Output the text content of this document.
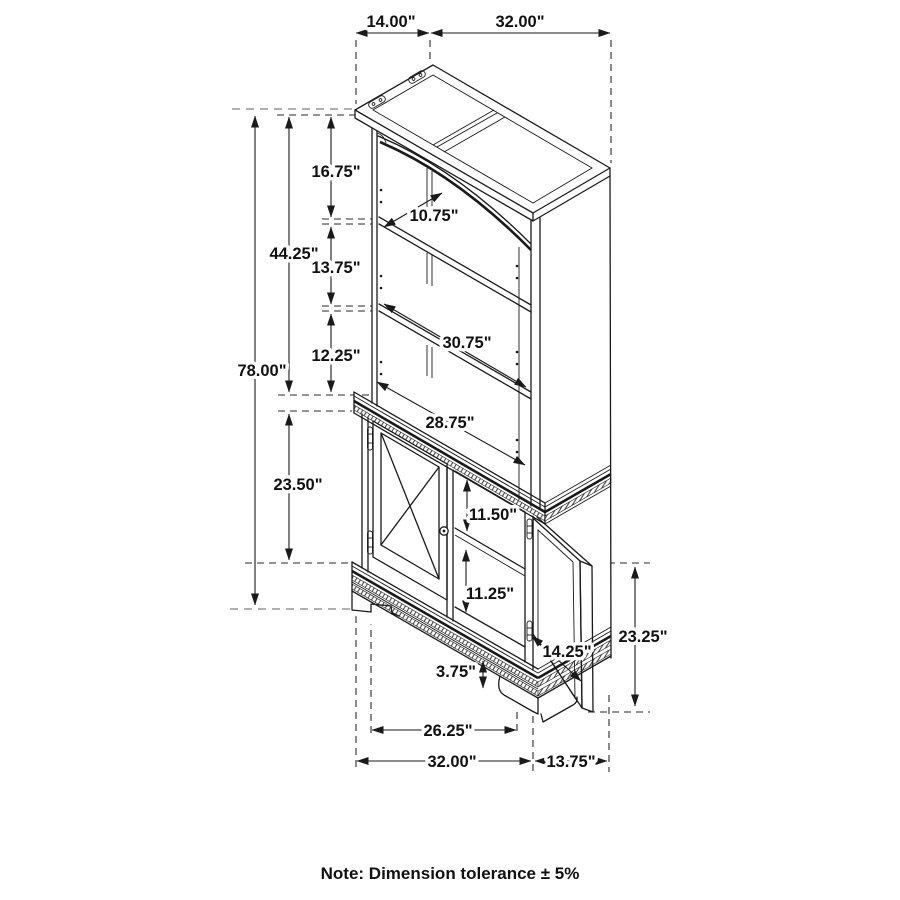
14.00"	32.00"
16.75"
44.25"
13.75"
12.25"
78.00"
23.50"
10.75"
30.75"
28.75"
11.50"
11.25"
14.25"
23.25"
3.75"
26.25"
32.00"	13.75"
Note: Dimension tolerance ± 5%
